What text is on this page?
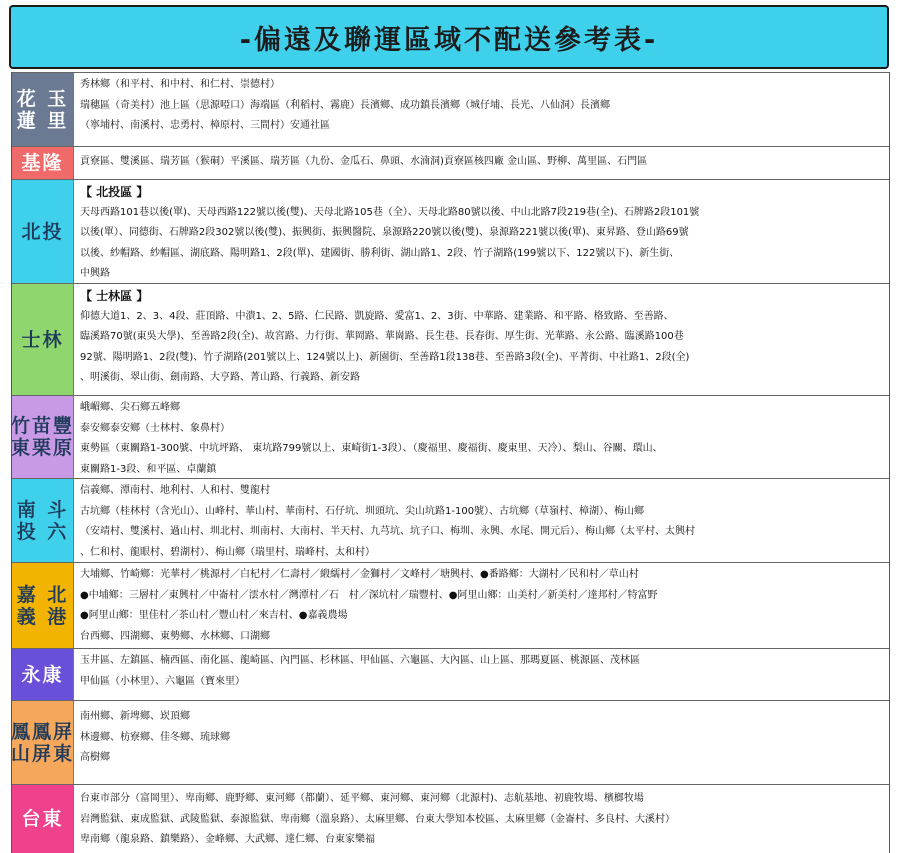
-偏遠及聯運區域不配送參考表-
花蓮

玉里
秀林鄉（和平村、和中村、和仁村、崇德村）
瑞穗區（奇美村）池上區（思源啞口）海端區（利稻村、霧鹿）長濱鄉、成功鎮長濱鄉（城仔埔、長光、八仙洞）長濱鄉
（寧埔村、南溪村、忠勇村、樟原村、三間村）安通社區
基隆 貢寮區、雙溪區、瑞芳區（猴硐）平溪區、瑞芳區（九份、金瓜石、鼻頭、水湳洞)貢寮區核四廠 金山區、野柳、萬里區、石門區
北投
【 北投區 】
天母西路101巷以後(單)、天母西路122號以後(雙)、天母北路105巷（全）、天母北路80號以後、中山北路7段219巷(全)、石牌路2段101號
以後(單）、同德街、石牌路2段302號以後(雙)、振興街、振興醫院、泉源路220號以後(雙)、泉源路221號以後(單)、東昇路、登山路69號
以後、紗帽路、紗帽區、湖底路、陽明路1、2段(單)、建國街、勝利街、湖山路1、2段、竹子湖路(199號以下、122號以下)、新生街、
中興路
士林
【 士林區 】
仰德大道1、2、3、4段、莊頂路、中潰1、2、5路、仁民路、凱旋路、愛富1、2、3街、中華路、建業路、和平路、格致路、至善路、
臨溪路70號(東吳大學)、至善路2段(全)、故宮路、力行街、華岡路、華崗路、長生巷、長春街、厚生街、光華路、永公路、臨溪路100巷
92號、陽明路1、2段(雙)、竹子湖路(201號以上、124號以上)、新園街、至善路1段138巷、至善路3段(全)、平菁街、中社路1、2段(全)
、明溪街、翠山街、劍南路、大亨路、菁山路、行義路、新安路
竹東

苗栗

豐原
峨嵋鄉、尖石鄉五峰鄉
泰安鄉泰安鄉（士林村、象鼻村）
東勢區（東關路1-300號、中坑坪路、 東坑路799號以上、東崎街1-3段）、（慶福里、慶福街、慶東里、天冷）、梨山、谷關、環山、
東關路1-3段、和平區、卓蘭鎮
南投

斗六
信義鄉、潭南村、地利村、人和村、雙龍村
古坑鄉（桂林村（含光山）、山峰村、華山村、華南村、石仔坑、圳頭坑、尖山坑路1-100號）、古坑鄉（草嶺村、樟湖）、梅山鄉
（安靖村、雙溪村、過山村、圳北村、圳南村、大南村、半天村、九芎坑、坑子口、梅圳、永興、水尾、開元后）、梅山鄉（太平村、太興村
、仁和村、龍眼村、碧湖村）、梅山鄉（瑞里村、瑞峰村、太和村）
嘉義

北港
大埔鄉、竹崎鄉：光華村／桃源村／白杞村／仁壽村／緞繻村／金獅村／文峰村／塘興村、●番路鄉：大湖村／民和村／草山村
●中埔鄉：三層村／東興村／中崙村／澐水村／灣潭村／石　村／深坑村／瑞豐村、●阿里山鄉：山美村／新美村／達邦村／特富野
●阿里山鄉：里佳村／茶山村／豐山村／來吉村、●嘉義農場
台西鄉、四湖鄉、東勢鄉、水林鄉、口湖鄉
永康
玉井區、左鎮區、楠西區、南化區、龍崎區、內門區、杉林區、甲仙區、六龜區、大內區、山上區、那瑪夏區、桃源區、茂林區
甲仙區（小林里）、六龜區（寶來里）
鳳山

鳳屏

屏東
南州鄉、新埤鄉、崁頂鄉
林邊鄉、枋寮鄉、佳冬鄉、琉球鄉
高樹鄉
台東
台東市部分（富岡里）、卑南鄉、鹿野鄉、東河鄉（都蘭）、延平鄉、東河鄉、東河鄉（北源村)、志航基地、初鹿牧場、檳榔牧場
岩灣監獄、東成監獄、武陵監獄、泰源監獄、卑南鄉（溫泉路）、太麻里鄉、台東大學知本校區、太麻里鄉（金崙村、多良村、大溪村）
卑南鄉（龍泉路、鎮樂路）、金峰鄉、大武鄉、達仁鄉、台東家樂福
